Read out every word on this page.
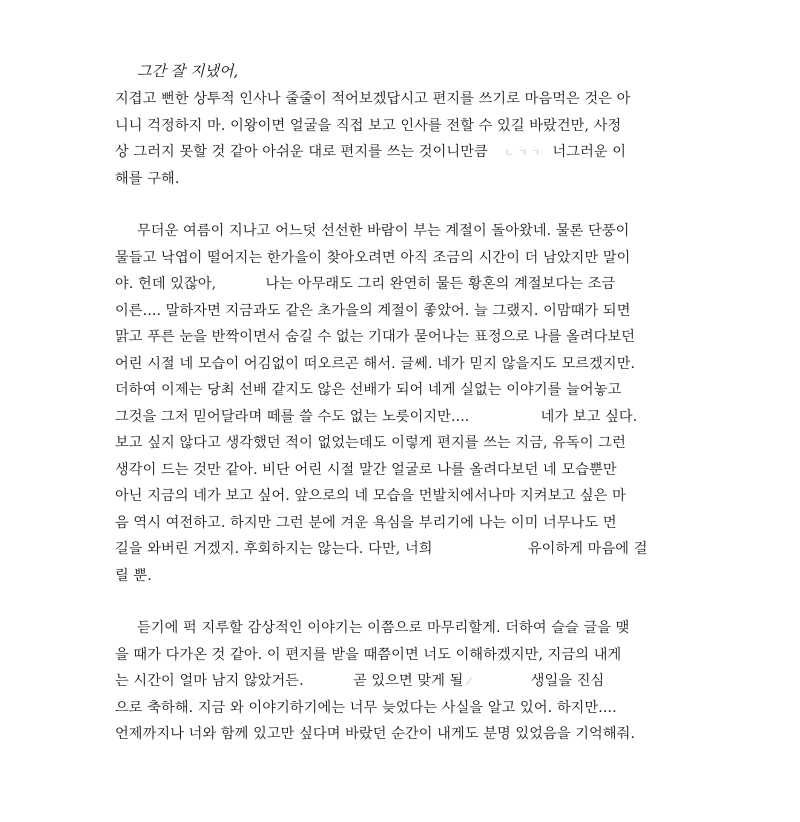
그간 잘 지냈어,

지겹고 뻔한 상투적 인사나 줄줄이 적어보겠답시고 편지를 쓰기로 마음먹은 것은 아
니니 걱정하지 마. 이왕이면 얼굴을 직접 보고 인사를 전할 수 있길 바랐건만, 사정
상 그러지 못할 것 같아 아쉬운 대로 편지를 쓰는 것이니만큼 ㄴ ㄱ ㄱ 너그러운 이
해를 구해.
무더운 여름이 지나고 어느덧 선선한 바람이 부는 계절이 돌아왔네. 물론 단풍이
물들고 낙엽이 떨어지는 한가을이 찾아오려면 아직 조금의 시간이 더 남았지만 말이
야. 헌데 있잖아,	나는 아무래도 그리 완연히 물든 황혼의 계절보다는 조금
이른.... 말하자면 지금과도 같은 초가을의 계절이 좋았어. 늘 그랬지. 이맘때가 되면
맑고 푸른 눈을 반짝이면서 숨길 수 없는 기대가 묻어나는 표정으로 나를 올려다보던
어린 시절 네 모습이 어김없이 떠오르곤 해서. 글쎄. 네가 믿지 않을지도 모르겠지만.
더하여 이제는 당최 선배 같지도 않은 선배가 되어 네게 실없는 이야기를 늘어놓고
그것을 그저 믿어달라며 떼를 쓸 수도 없는 노릇이지만....	네가 보고 싶다.
보고 싶지 않다고 생각했던 적이 없었는데도 이렇게 편지를 쓰는 지금, 유독이 그런
생각이 드는 것만 같아. 비단 어린 시절 말간 얼굴로 나를 올려다보던 네 모습뿐만
아닌 지금의 네가 보고 싶어. 앞으로의 네 모습을 먼발치에서나마 지켜보고 싶은 마
음 역시 여전하고. 하지만 그런 분에 겨운 욕심을 부리기에 나는 이미 너무나도 먼
길을 와버린 거겠지. 후회하지는 않는다. 다만, 너희	유이하게 마음에 걸
릴 뿐.
듣기에 퍽 지루할 감상적인 이야기는 이쯤으로 마무리할게. 더하여 슬슬 글을 맺
을 때가 다가온 것 같아. 이 편지를 받을 때쯤이면 너도 이해하겠지만, 지금의 내게
는 시간이 얼마 남지 않았거든.	곧 있으면 맞게 될 ⁄	생일을 진심
으로 축하해. 지금 와 이야기하기에는 너무 늦었다는 사실을 알고 있어. 하지만....
언제까지나 너와 함께 있고만 싶다며 바랐던 순간이 내게도 분명 있었음을 기억해줘.
